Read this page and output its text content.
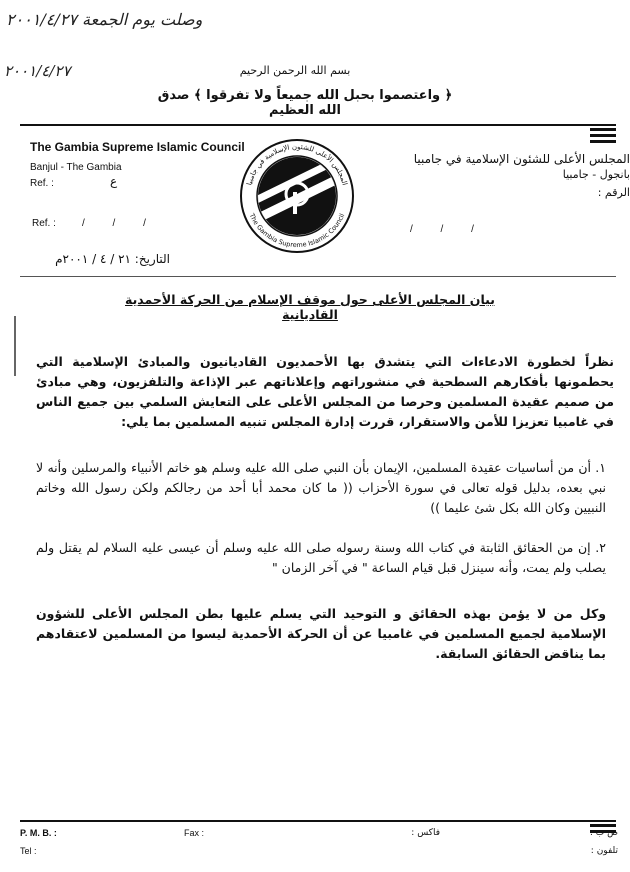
وصلت يوم الجمعة ٢٠٠١/٤/٢٧
٢٠٠١/٤/٢٧	بسم الله الرحمن الرحيم
﴿ واعتصموا بحبل الله جميعاً ولا تفرقوا ﴾ صدق الله العظيم
The Gambia Supreme Islamic Council
Banjul - The Gambia
Ref. :	ﻉ
المجلس الأعلى للشئون الإسلامية في جامبيا
بانجول - جامبيا
الرقم :
The Gambia Supreme Islamic Council
المجلس الأعلى للشئون الإسلامية في جامبيا
Ref. :	/          /          /
/          /          /
التاريخ: ٢١ / ٤ / ٢٠٠١م
بيان المجلس الأعلى حول موقف الإسلام من الحركة الأحمدية القاديانية
نظراً لخطورة الادعاءات التي يتشدق بها الأحمديون القاديانيون والمبادئ الإسلامية التي يحطمونها بأفكارهم السطحية في منشوراتهم وإعلاناتهم عبر الإذاعة والتلفزيون، وهي مبادئ من صميم عقيدة المسلمين وحرصا من المجلس الأعلى على التعايش السلمي بين جميع الناس في غامبيا تعزيزا للأمن والاستقرار، قررت إدارة المجلس تنبيه المسلمين بما يلي:
١. أن من أساسيات عقيدة المسلمين، الإيمان بأن النبي صلى الله عليه وسلم هو خاتم الأنبياء والمرسلين وأنه لا نبي بعده، بدليل قوله تعالى في سورة الأحزاب (( ما كان محمد أبا أحد من رجالكم ولكن رسول الله وخاتم النبيين وكان الله بكل شئ عليما ))
٢. إن من الحقائق الثابتة في كتاب الله وسنة رسوله صلى الله عليه وسلم أن عيسى عليه السلام لم يقتل ولم يصلب ولم يمت، وأنه سينزل قبل قيام الساعة " في آخر الزمان "
وكل من لا يؤمن بهذه الحقائق و التوحيد التي يسلم عليها بطن المجلس الأعلى للشؤون الإسلامية لجميع المسلمين في غامبيا عن أن الحركة الأحمدية ليسوا من المسلمين لاعتقادهم بما يناقض الحقائق السابقة.
P. M. B. :	Fax :
Tel :
فاكس :	ص ب :
تلفون :
